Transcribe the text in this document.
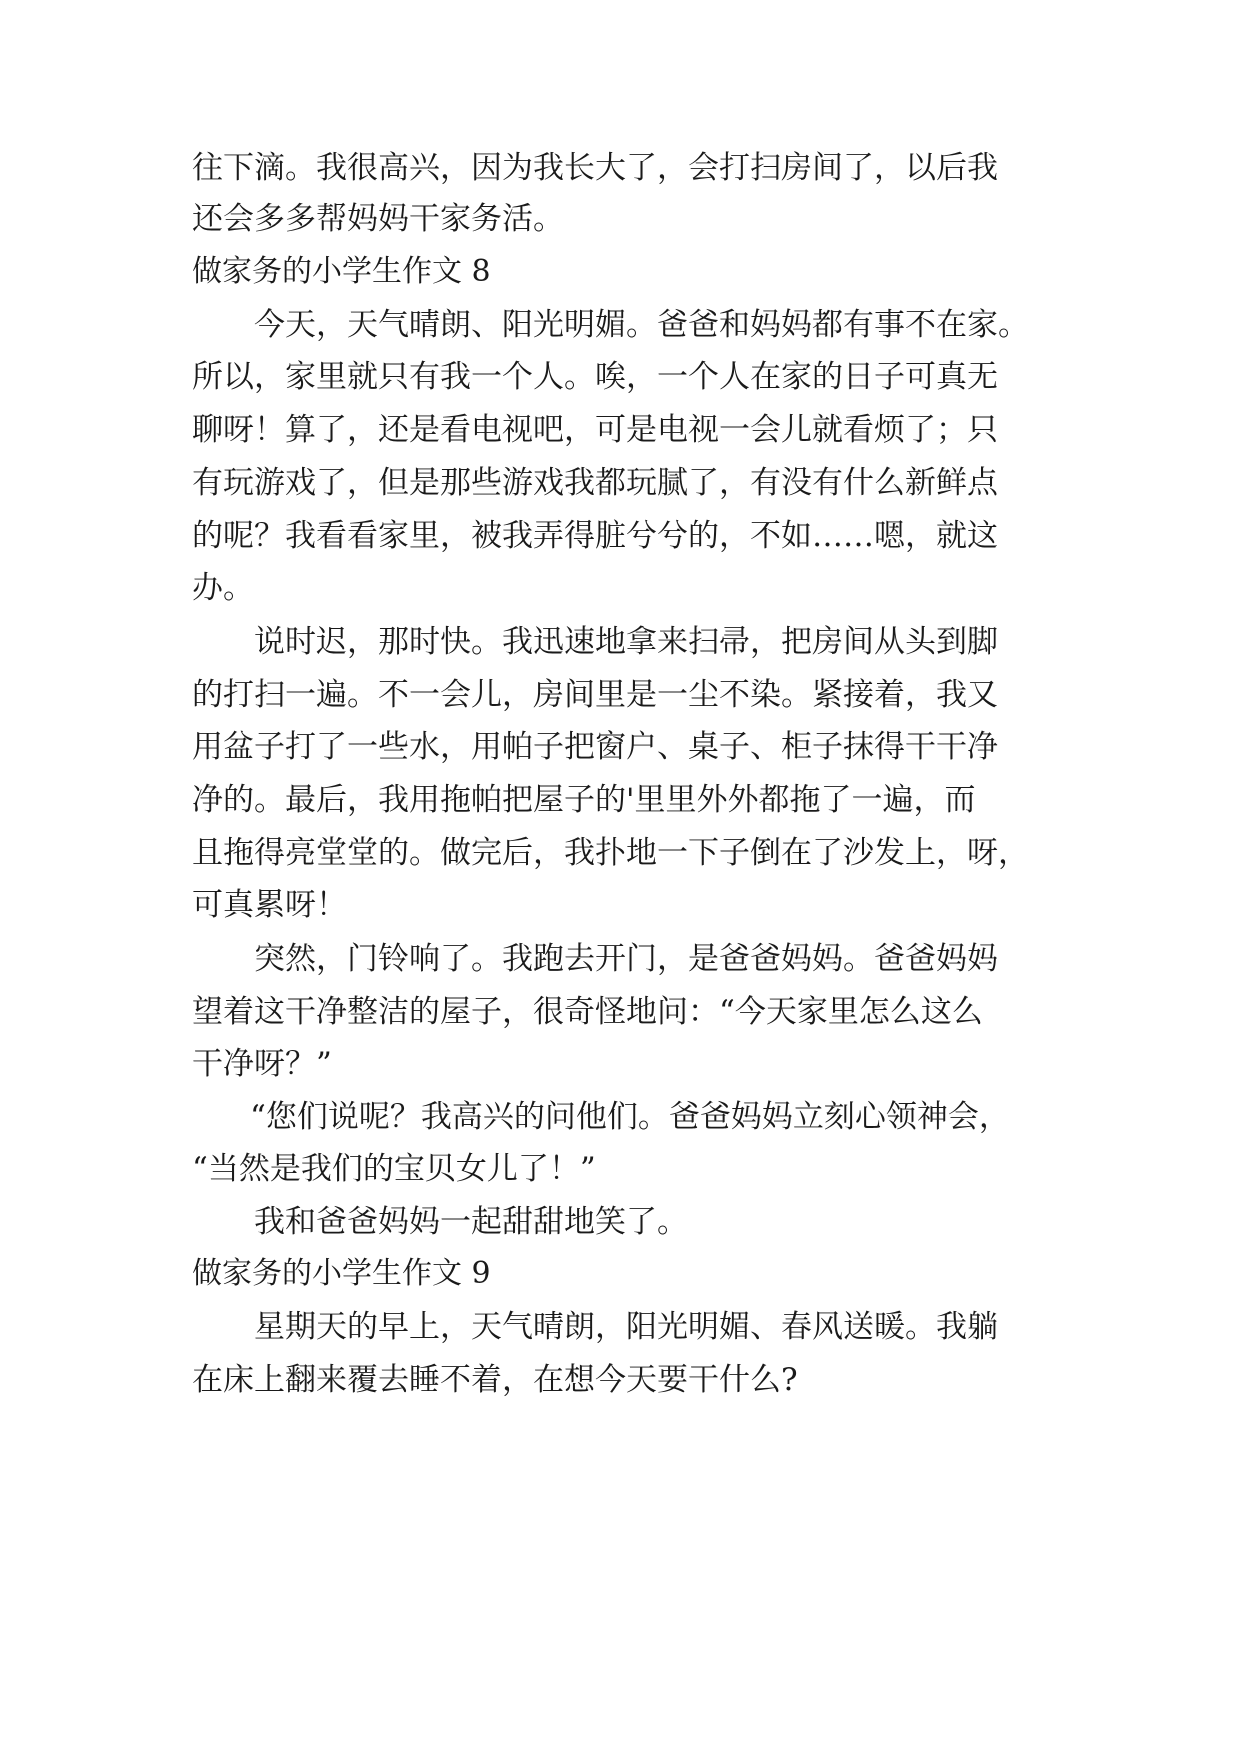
往下滴。我很高兴，因为我长大了，会打扫房间了，以后我
还会多多帮妈妈干家务活。
做家务的小学生作文 8
今天，天气晴朗、阳光明媚。爸爸和妈妈都有事不在家。
所以，家里就只有我一个人。唉，一个人在家的日子可真无
聊呀！算了，还是看电视吧，可是电视一会儿就看烦了；只
有玩游戏了，但是那些游戏我都玩腻了，有没有什么新鲜点
的呢？我看看家里，被我弄得脏兮兮的，不如……嗯，就这
办。
说时迟，那时快。我迅速地拿来扫帚，把房间从头到脚
的打扫一遍。不一会儿，房间里是一尘不染。紧接着，我又
用盆子打了一些水，用帕子把窗户、桌子、柜子抹得干干净
净的。最后，我用拖帕把屋子的'里里外外都拖了一遍，而
且拖得亮堂堂的。做完后，我扑地一下子倒在了沙发上，呀，
可真累呀！
突然，门铃响了。我跑去开门，是爸爸妈妈。爸爸妈妈
望着这干净整洁的屋子，很奇怪地问：“今天家里怎么这么
干净呀？”
“您们说呢？我高兴的问他们。爸爸妈妈立刻心领神会，
“当然是我们的宝贝女儿了！”
我和爸爸妈妈一起甜甜地笑了。
做家务的小学生作文 9
星期天的早上，天气晴朗，阳光明媚、春风送暖。我躺
在床上翻来覆去睡不着，在想今天要干什么?
